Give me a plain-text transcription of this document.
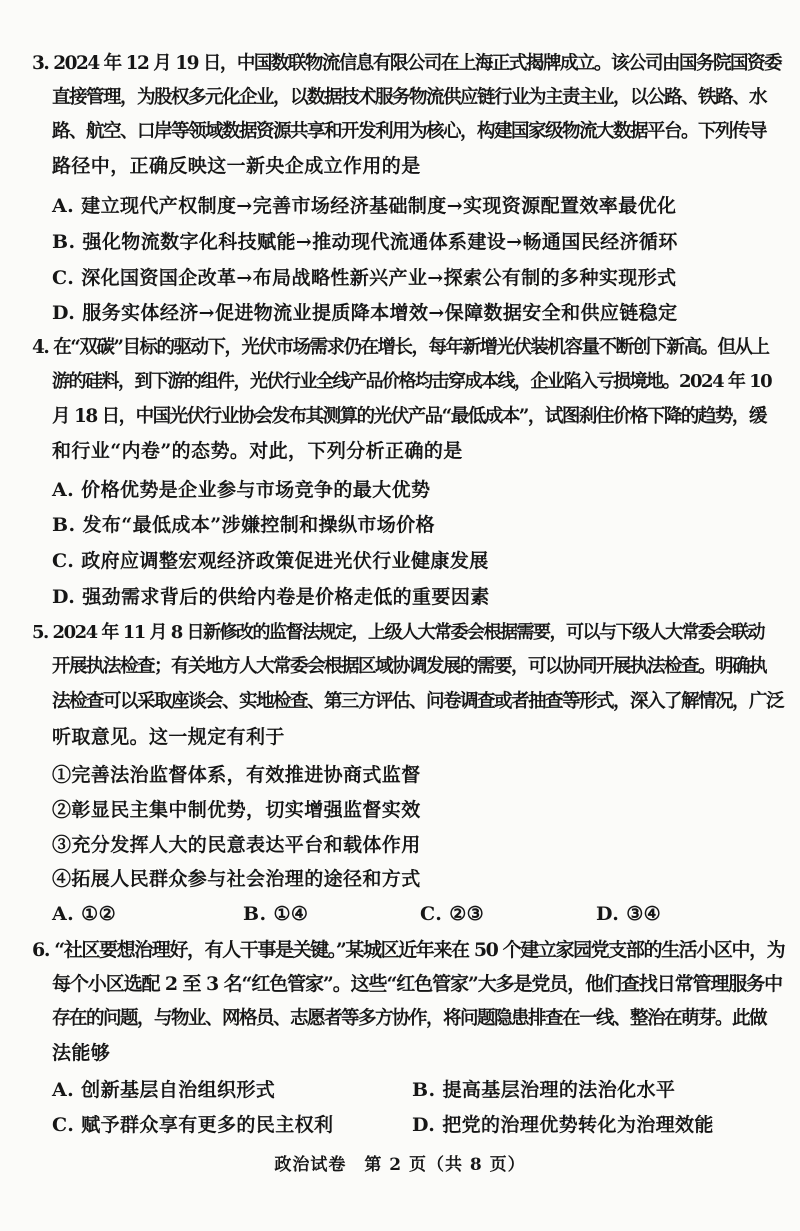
3. 2024 年 12 月 19 日，中国数联物流信息有限公司在上海正式揭牌成立。该公司由国务院国资委
直接管理，为股权多元化企业，以数据技术服务物流供应链行业为主责主业，以公路、铁路、水
路、航空、口岸等领域数据资源共享和开发利用为核心，构建国家级物流大数据平台。下列传导
路径中，正确反映这一新央企成立作用的是
A. 建立现代产权制度→完善市场经济基础制度→实现资源配置效率最优化
B. 强化物流数字化科技赋能→推动现代流通体系建设→畅通国民经济循环
C. 深化国资国企改革→布局战略性新兴产业→探索公有制的多种实现形式
D. 服务实体经济→促进物流业提质降本增效→保障数据安全和供应链稳定
4. 在“双碳”目标的驱动下，光伏市场需求仍在增长，每年新增光伏装机容量不断创下新高。但从上
游的硅料，到下游的组件，光伏行业全线产品价格均击穿成本线，企业陷入亏损境地。2024 年 10
月 18 日，中国光伏行业协会发布其测算的光伏产品“最低成本”，试图刹住价格下降的趋势，缓
和行业“内卷”的态势。对此，下列分析正确的是
A. 价格优势是企业参与市场竞争的最大优势
B. 发布“最低成本”涉嫌控制和操纵市场价格
C. 政府应调整宏观经济政策促进光伏行业健康发展
D. 强劲需求背后的供给内卷是价格走低的重要因素
5. 2024 年 11 月 8 日新修改的监督法规定，上级人大常委会根据需要，可以与下级人大常委会联动
开展执法检查；有关地方人大常委会根据区域协调发展的需要，可以协同开展执法检查。明确执
法检查可以采取座谈会、实地检查、第三方评估、问卷调查或者抽查等形式，深入了解情况，广泛
听取意见。这一规定有利于
①完善法治监督体系，有效推进协商式监督
②彰显民主集中制优势，切实增强监督实效
③充分发挥人大的民意表达平台和载体作用
④拓展人民群众参与社会治理的途径和方式
A. ①②	B. ①④	C. ②③	D. ③④
6. “社区要想治理好，有人干事是关键。”某城区近年来在 50 个建立家园党支部的生活小区中，为
每个小区选配 2 至 3 名“红色管家”。这些“红色管家”大多是党员，他们查找日常管理服务中
存在的问题，与物业、网格员、志愿者等多方协作，将问题隐患排查在一线、整治在萌芽。此做
法能够
A. 创新基层自治组织形式	B. 提高基层治理的法治化水平
C. 赋予群众享有更多的民主权利	D. 把党的治理优势转化为治理效能
政治试卷　第 2 页（共 8 页）
